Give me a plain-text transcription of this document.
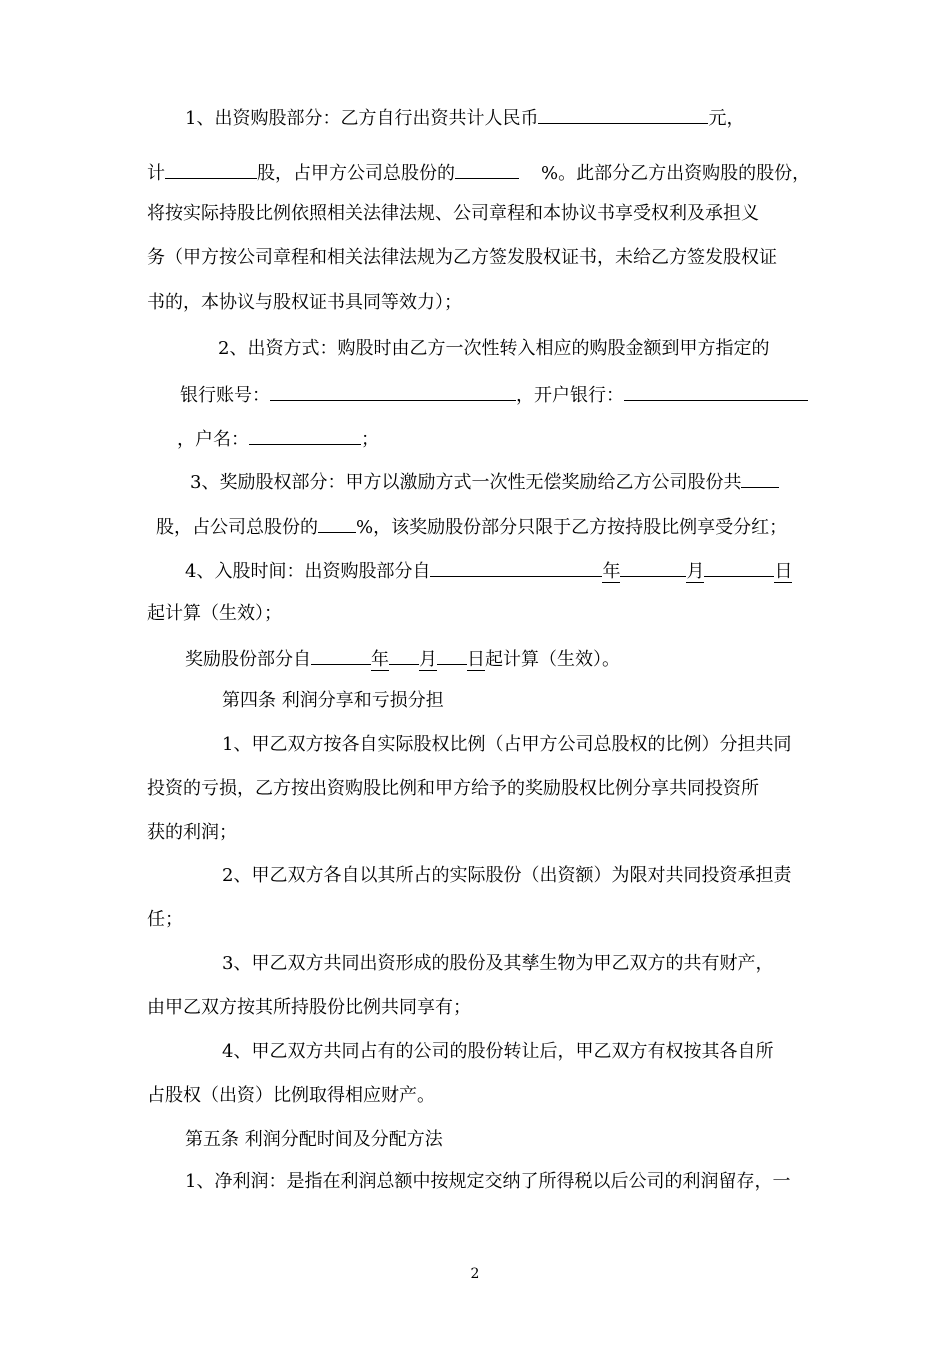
1、出资购股部分：乙方自行出资共计人民币	元，
计	股，占甲方公司总股份的	%。此部分乙方出资购股的股份，
将按实际持股比例依照相关法律法规、公司章程和本协议书享受权利及承担义
务（甲方按公司章程和相关法律法规为乙方签发股权证书，未给乙方签发股权证
书的，本协议与股权证书具同等效力）；
2、出资方式：购股时由乙方一次性转入相应的购股金额到甲方指定的
银行账号：	，开户银行：
，户名：	；
3、奖励股权部分：甲方以激励方式一次性无偿奖励给乙方公司股份共
股，占公司总股份的 %，该奖励股份部分只限于乙方按持股比例享受分红；
4、入股时间：出资购股部分自	年	月	日
起计算（生效）；
奖励股份部分自	年 月 日起计算（生效）。
第四条 利润分享和亏损分担
1、甲乙双方按各自实际股权比例（占甲方公司总股权的比例）分担共同
投资的亏损，乙方按出资购股比例和甲方给予的奖励股权比例分享共同投资所
获的利润；
2、甲乙双方各自以其所占的实际股份（出资额）为限对共同投资承担责
任；
3、甲乙双方共同出资形成的股份及其孳生物为甲乙双方的共有财产，
由甲乙双方按其所持股份比例共同享有；
4、甲乙双方共同占有的公司的股份转让后，甲乙双方有权按其各自所
占股权（出资）比例取得相应财产。
第五条 利润分配时间及分配方法
1、净利润：是指在利润总额中按规定交纳了所得税以后公司的利润留存，一
2
